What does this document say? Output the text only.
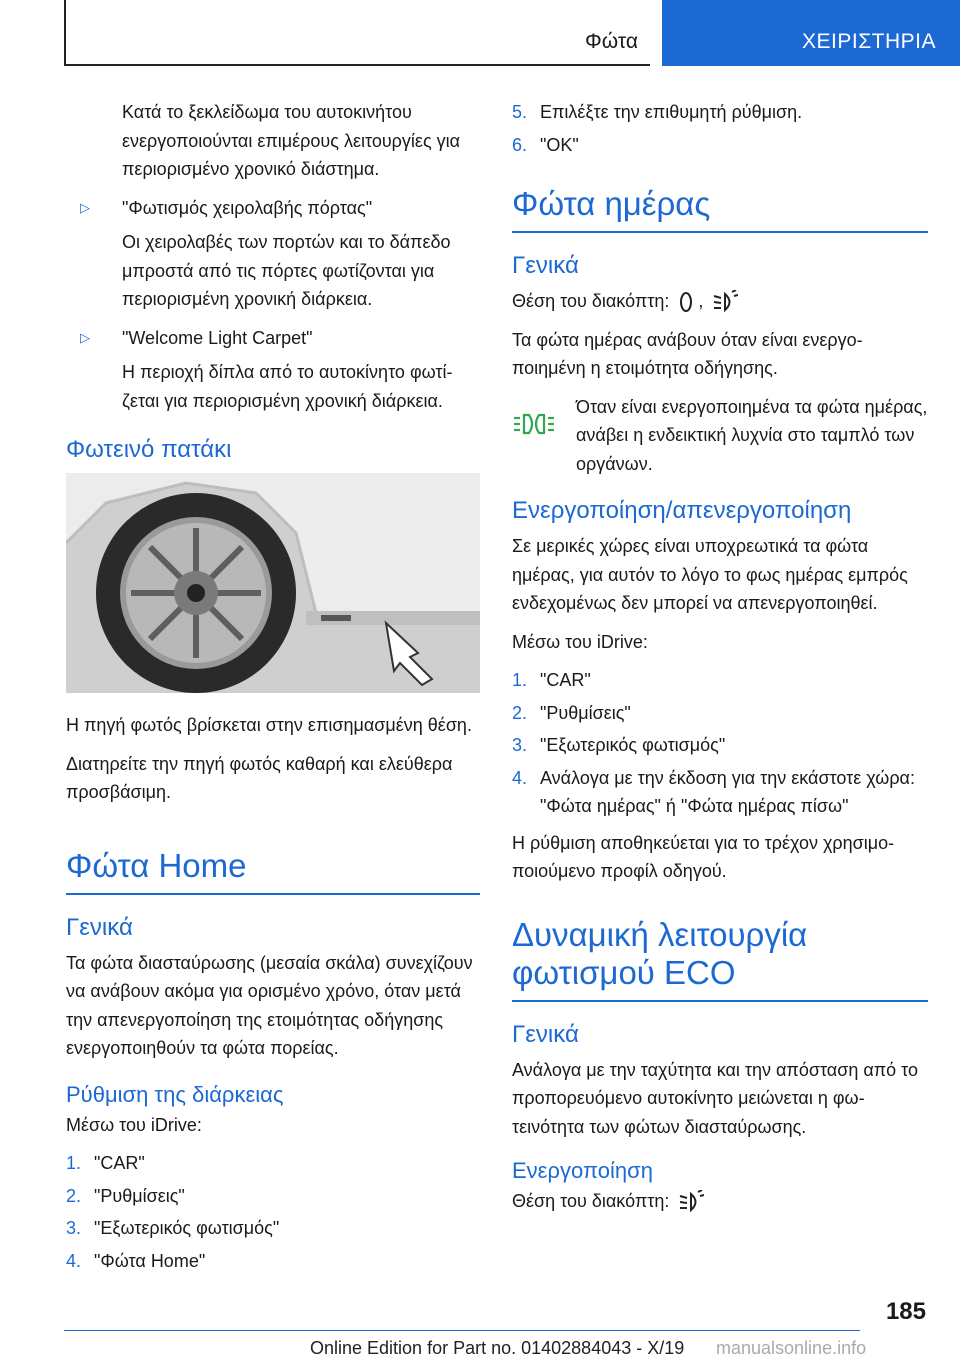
Φώτα	ΧΕΙΡΙΣΤΗΡΙΑ

Κατά το ξεκλείδωμα του αυτοκινήτου ενεργοποιούνται επιμέρους λειτουργίες για περιορισμένο χρονικό διάστημα.

▷ "Φωτισμός χειρολαβής πόρτας"

Οι χειρολαβές των πορτών και το δάπεδο μπροστά από τις πόρτες φωτίζονται για περιορισμένη χρονική διάρκεια.

▷ "Welcome Light Carpet"

Η περιοχή δίπλα από το αυτοκίνητο φωτίζεται για περιορισμένη χρονική διάρκεια.

Φωτεινό πατάκι

Η πηγή φωτός βρίσκεται στην επισημασμένη θέση.

Διατηρείτε την πηγή φωτός καθαρή και ελεύθερα προσβάσιμη.

Φώτα Home
Γενικά

Τα φώτα διασταύρωσης (μεσαία σκάλα) συνεχίζουν να ανάβουν ακόμα για ορισμένο χρόνο, όταν μετά την απενεργοποίηση της ετοιμότητας οδήγησης ενεργοποιηθούν τα φώτα πορείας.

Ρύθμιση της διάρκειας

Μέσω του iDrive:

1. "CAR"
2. "Ρυθμίσεις"
3. "Εξωτερικός φωτισμός"
4. "Φώτα Home"
5. Επιλέξτε την επιθυμητή ρύθμιση.
6. "OK"
Φώτα ημέρας
Γενικά

Θέση του διακόπτη: ,

Τα φώτα ημέρας ανάβουν όταν είναι ενεργοποιημένη η ετοιμότητα οδήγησης.

Όταν είναι ενεργοποιημένα τα φώτα ημέρας, ανάβει η ενδεικτική λυχνία στο ταμπλό των οργάνων.

Ενεργοποίηση/απενεργοποίηση

Σε μερικές χώρες είναι υποχρεωτικά τα φώτα ημέρας, για αυτόν το λόγο το φως ημέρας εμπρός ενδεχομένως δεν μπορεί να απενεργοποιηθεί.

Μέσω του iDrive:

1. "CAR"
2. "Ρυθμίσεις"
3. "Εξωτερικός φωτισμός"
4. Ανάλογα με την έκδοση για την εκάστοτε χώρα: "Φώτα ημέρας" ή "Φώτα ημέρας πίσω"

Η ρύθμιση αποθηκεύεται για το τρέχον χρησιμοποιούμενο προφίλ οδηγού.

Δυναμική λειτουργία
φωτισμού ECO
Γενικά

Ανάλογα με την ταχύτητα και την απόσταση από το προπορευόμενο αυτοκίνητο μειώνεται η φωτεινότητα των φώτων διασταύρωσης.

Ενεργοποίηση

Θέση του διακόπτη:

185
Online Edition for Part no. 01402884043 - X/19 manualsonline.info
